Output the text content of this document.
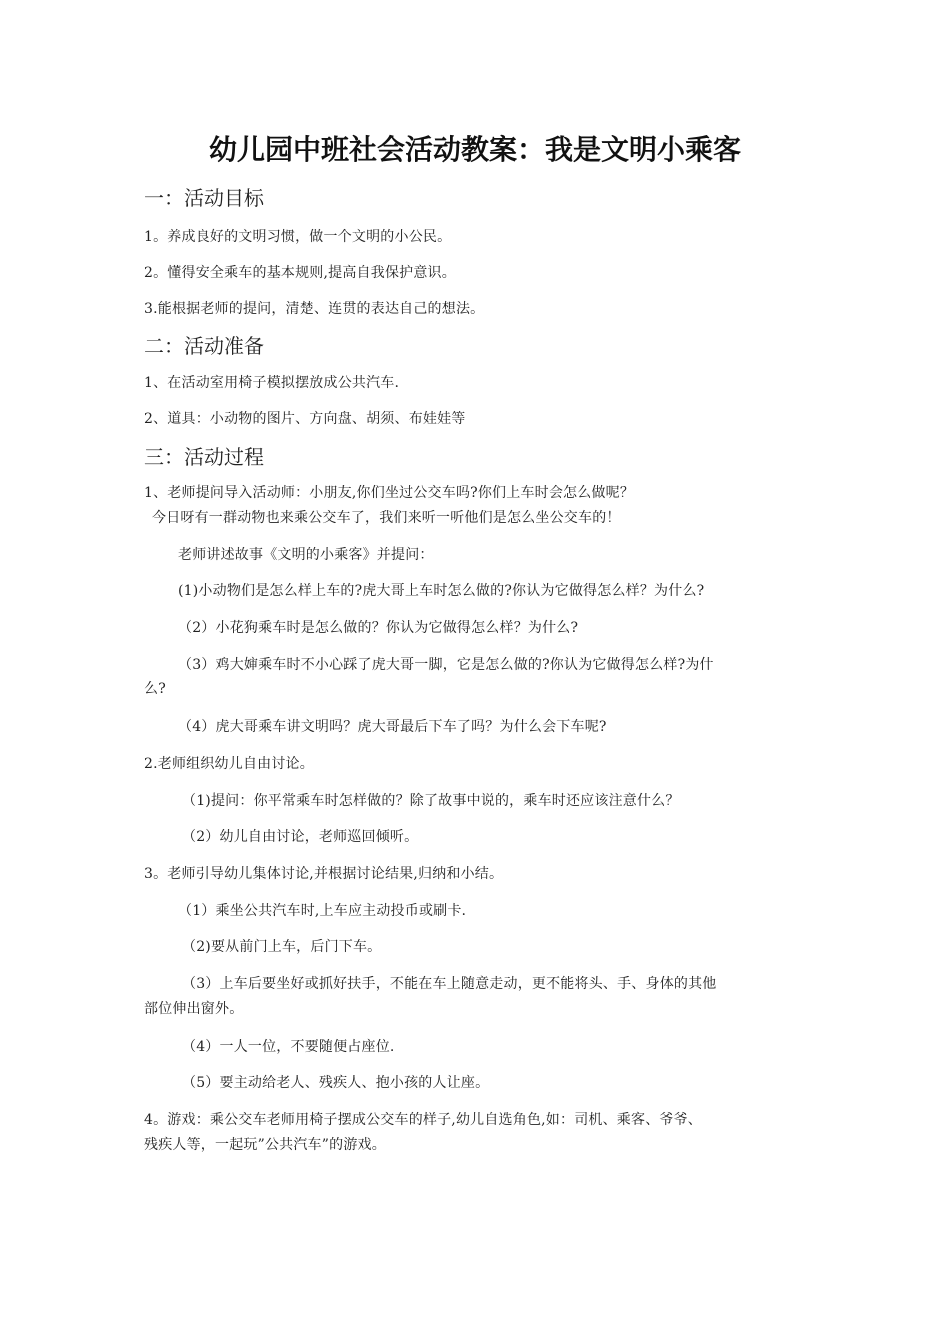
幼儿园中班社会活动教案：我是文明小乘客
一：活动目标
1。养成良好的文明习惯，做一个文明的小公民。
2。懂得安全乘车的基本规则,提高自我保护意识。
3.能根据老师的提问，清楚、连贯的表达自己的想法。
二：活动准备
1、在活动室用椅子模拟摆放成公共汽车.
2、道具：小动物的图片、方向盘、胡须、布娃娃等
三：活动过程
1、老师提问导入活动师：小朋友,你们坐过公交车吗?你们上车时会怎么做呢？
今日呀有一群动物也来乘公交车了，我们来听一听他们是怎么坐公交车的！
老师讲述故事《文明的小乘客》并提问：
(1)小动物们是怎么样上车的?虎大哥上车时怎么做的?你认为它做得怎么样？为什么?
（2）小花狗乘车时是怎么做的？你认为它做得怎么样？为什么?
（3）鸡大婶乘车时不小心踩了虎大哥一脚，它是怎么做的?你认为它做得怎么样?为什
么?
（4）虎大哥乘车讲文明吗？虎大哥最后下车了吗？为什么会下车呢?
2.老师组织幼儿自由讨论。
（1)提问：你平常乘车时怎样做的？除了故事中说的，乘车时还应该注意什么？
（2）幼儿自由讨论，老师巡回倾听。
3。老师引导幼儿集体讨论,并根据讨论结果,归纳和小结。
（1）乘坐公共汽车时,上车应主动投币或刷卡.
（2)要从前门上车，后门下车。
（3）上车后要坐好或抓好扶手，不能在车上随意走动，更不能将头、手、身体的其他
部位伸出窗外。
（4）一人一位，不要随便占座位.
（5）要主动给老人、残疾人、抱小孩的人让座。
4。游戏：乘公交车老师用椅子摆成公交车的样子,幼儿自选角色,如：司机、乘客、爷爷、
残疾人等，一起玩”公共汽车”的游戏。
